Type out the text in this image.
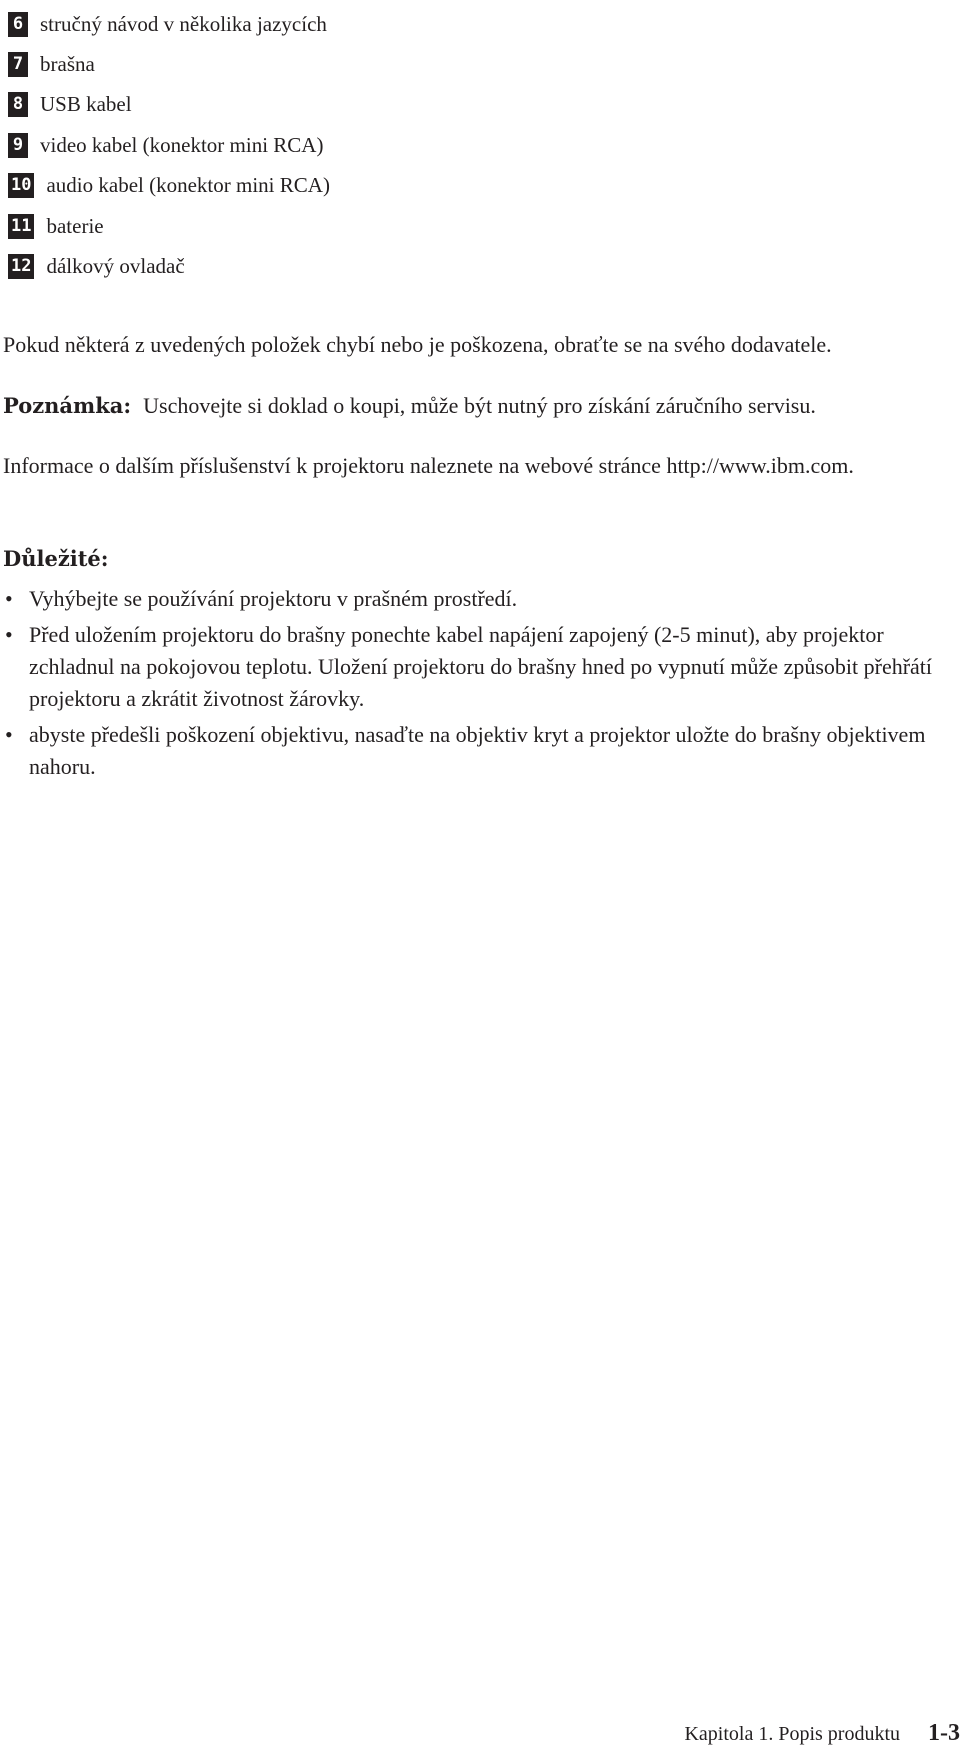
6 stručný návod v několika jazycích
7 brašna
8 USB kabel
9 video kabel (konektor mini RCA)
10 audio kabel (konektor mini RCA)
11 baterie
12 dálkový ovladač

Pokud některá z uvedených položek chybí nebo je poškozena, obraťte se na svého dodavatele.

Poznámka: Uschovejte si doklad o koupi, může být nutný pro získání záručního servisu.

Informace o dalším příslušenství k projektoru naleznete na webové stránce http://www.ibm.com.

Důležité:

• Vyhýbejte se používání projektoru v prašném prostředí.
• Před uložením projektoru do brašny ponechte kabel napájení zapojený (2-5 minut), aby projektor zchladnul na pokojovou teplotu. Uložení projektoru do brašny hned po vypnutí může způsobit přehřátí projektoru a zkrátit životnost žárovky.
• abyste předešli poškození objektivu, nasaďte na objektiv kryt a projektor uložte do brašny objektivem nahoru.
Kapitola 1. Popis produktu 1-3
